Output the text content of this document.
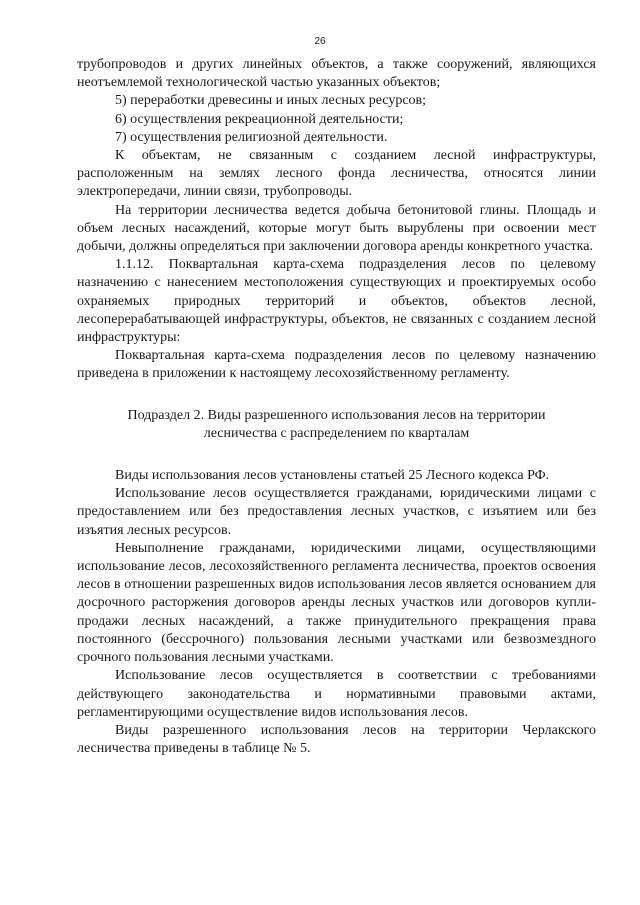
26

трубопроводов и других линейных объектов, а также сооружений, являющихся неотъемлемой технологической частью указанных объектов;

5) переработки древесины и иных лесных ресурсов;

6) осуществления рекреационной деятельности;

7) осуществления религиозной деятельности.

К объектам, не связанным с созданием лесной инфраструктуры, расположенным на землях лесного фонда лесничества, относятся линии электропередачи, линии связи, трубопроводы.

На территории лесничества ведется добыча бетонитовой глины. Площадь и объем лесных насаждений, которые могут быть вырублены при освоении мест добычи, должны определяться при заключении договора аренды конкретного участка.

1.1.12. Поквартальная карта-схема подразделения лесов по целевому назначению с нанесением местоположения существующих и проектируемых особо охраняемых природных территорий и объектов, объектов лесной, лесоперерабатывающей инфраструктуры, объектов, не связанных с созданием лесной инфраструктуры:

Поквартальная карта-схема подразделения лесов по целевому назначению приведена в приложении к настоящему лесохозяйственному регламенту.

Подраздел 2. Виды разрешенного использования лесов на территории
лесничества с распределением по кварталам

Виды использования лесов установлены статьей 25 Лесного кодекса РФ.

Использование лесов осуществляется гражданами, юридическими лицами с предоставлением или без предоставления лесных участков, с изъятием или без изъятия лесных ресурсов.

Невыполнение гражданами, юридическими лицами, осуществляющими использование лесов, лесохозяйственного регламента лесничества, проектов освоения лесов в отношении разрешенных видов использования лесов является основанием для досрочного расторжения договоров аренды лесных участков или договоров купли-продажи лесных насаждений, а также принудительного прекращения права постоянного (бессрочного) пользования лесными участками или безвозмездного срочного пользования лесными участками.

Использование лесов осуществляется в соответствии с требованиями действующего законодательства и нормативными правовыми актами, регламентирующими осуществление видов использования лесов.

Виды разрешенного использования лесов на территории Черлакского лесничества приведены в таблице № 5.
